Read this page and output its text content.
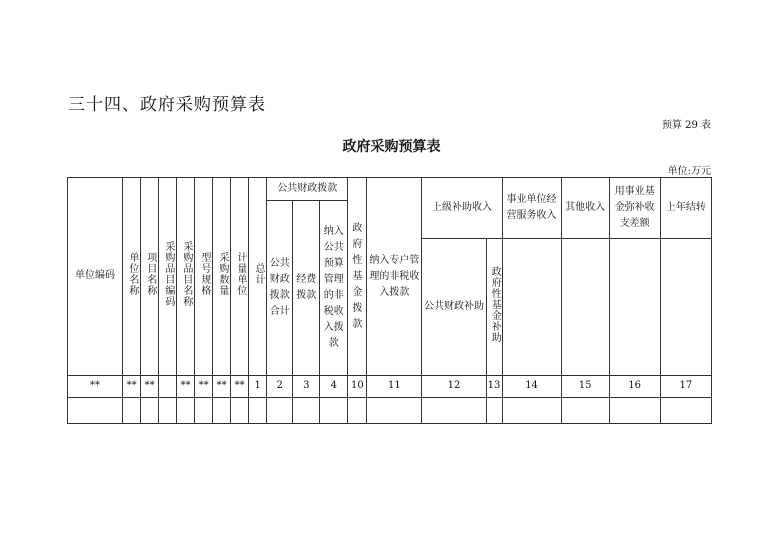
三十四、政府采购预算表
预算 29 表
政府采购预算表
单位:万元
单位编码	单位名称	项目名称	采购品目编码	采购品目名称	型号规格	采购数量	计量单位	总计	公共财政拨款			政府性基金拨款	纳入专户管理的非税收入拨款	上级补助收入		事业单位经营服务收入	其他收入	用事业基金弥补收支差额	上年结转
									公共财政拨款合计	经费拨款	纳入公共预算管理的非税收入拨款								
														公共财政补助	政府性基金补助				
**	**	**		**	**	**	**	1	2	3	4	10	11	12	13	14	15	16	17
